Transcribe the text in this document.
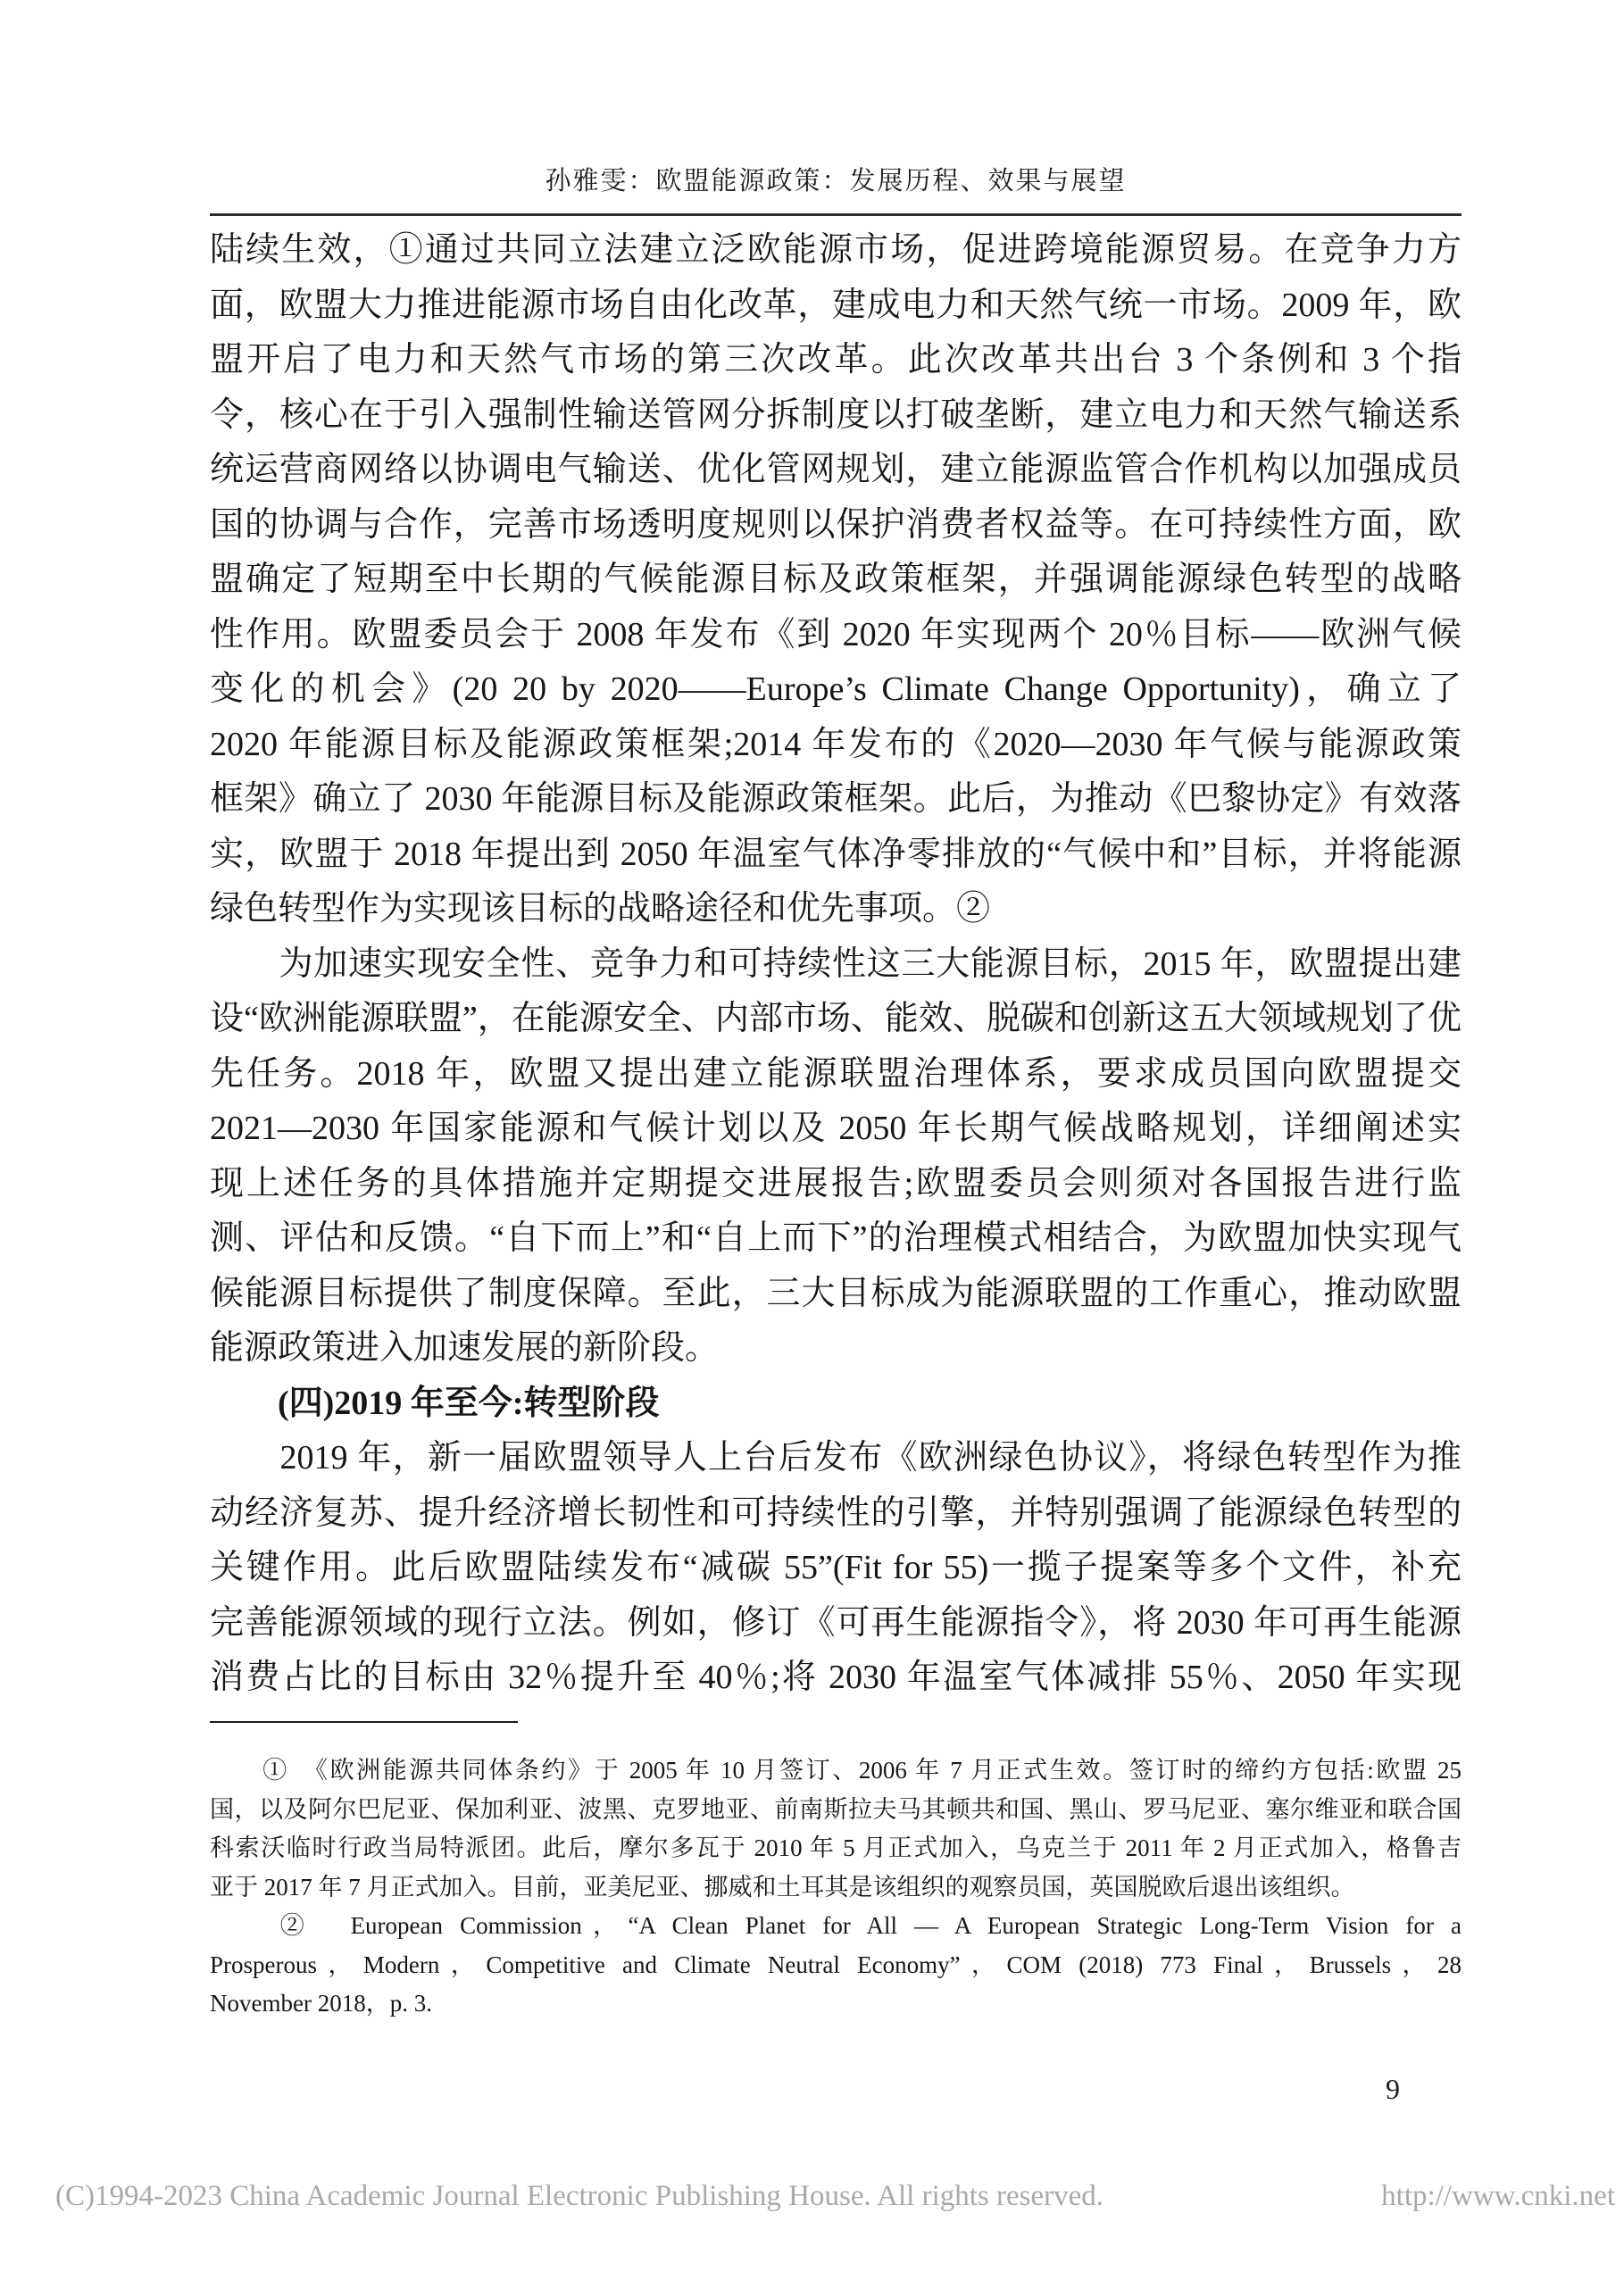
孙雅雯：欧盟能源政策：发展历程、效果与展望
陆续生效，①通过共同立法建立泛欧能源市场，促进跨境能源贸易。在竞争力方
面，欧盟大力推进能源市场自由化改革，建成电力和天然气统一市场。2009 年，欧
盟开启了电力和天然气市场的第三次改革。此次改革共出台 3 个条例和 3 个指
令，核心在于引入强制性输送管网分拆制度以打破垄断，建立电力和天然气输送系
统运营商网络以协调电气输送、优化管网规划，建立能源监管合作机构以加强成员
国的协调与合作，完善市场透明度规则以保护消费者权益等。在可持续性方面，欧
盟确定了短期至中长期的气候能源目标及政策框架，并强调能源绿色转型的战略
性作用。欧盟委员会于 2008 年发布《到 2020 年实现两个 20％目标——欧洲气候
变化的机会》(20 20 by 2020——Europe’s Climate Change Opportunity)，确立了
2020 年能源目标及能源政策框架;2014 年发布的《2020—2030 年气候与能源政策
框架》确立了 2030 年能源目标及能源政策框架。此后，为推动《巴黎协定》有效落
实，欧盟于 2018 年提出到 2050 年温室气体净零排放的“气候中和”目标，并将能源
绿色转型作为实现该目标的战略途径和优先事项。②
　　为加速实现安全性、竞争力和可持续性这三大能源目标，2015 年，欧盟提出建
设“欧洲能源联盟”，在能源安全、内部市场、能效、脱碳和创新这五大领域规划了优
先任务。2018 年，欧盟又提出建立能源联盟治理体系，要求成员国向欧盟提交
2021—2030 年国家能源和气候计划以及 2050 年长期气候战略规划，详细阐述实
现上述任务的具体措施并定期提交进展报告;欧盟委员会则须对各国报告进行监
测、评估和反馈。“自下而上”和“自上而下”的治理模式相结合，为欧盟加快实现气
候能源目标提供了制度保障。至此，三大目标成为能源联盟的工作重心，推动欧盟
能源政策进入加速发展的新阶段。
　　(四)2019 年至今:转型阶段
　　2019 年，新一届欧盟领导人上台后发布《欧洲绿色协议》，将绿色转型作为推
动经济复苏、提升经济增长韧性和可持续性的引擎，并特别强调了能源绿色转型的
关键作用。此后欧盟陆续发布“减碳 55”(Fit for 55)一揽子提案等多个文件，补充
完善能源领域的现行立法。例如，修订《可再生能源指令》，将 2030 年可再生能源
消费占比的目标由 32％提升至 40％;将 2030 年温室气体减排 55％、2050 年实现
　　①　《欧洲能源共同体条约》于 2005 年 10 月签订、2006 年 7 月正式生效。签订时的缔约方包括:欧盟 25
国，以及阿尔巴尼亚、保加利亚、波黑、克罗地亚、前南斯拉夫马其顿共和国、黑山、罗马尼亚、塞尔维亚和联合国
科索沃临时行政当局特派团。此后，摩尔多瓦于 2010 年 5 月正式加入，乌克兰于 2011 年 2 月正式加入，格鲁吉
亚于 2017 年 7 月正式加入。目前，亚美尼亚、挪威和土耳其是该组织的观察员国，英国脱欧后退出该组织。
　　②　European Commission，“A Clean Planet for All — A European Strategic Long-Term Vision for a
Prosperous，Modern，Competitive and Climate Neutral Economy”，COM (2018) 773 Final，Brussels，28
November 2018，p. 3.
9
(C)1994-2023 China Academic Journal Electronic Publishing House. All rights reserved.	http://www.cnki.net
